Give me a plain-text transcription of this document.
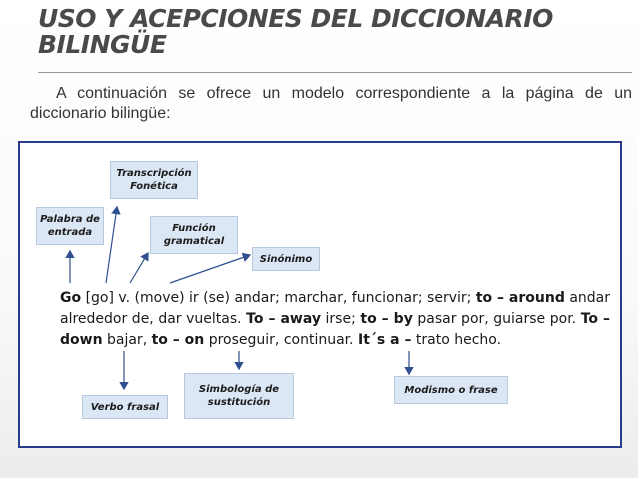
USO Y ACEPCIONES DEL DICCIONARIO
BILINGÜE

A continuación se ofrece un modelo correspondiente a la página de un diccionario bilingüe:

Transcripción
Fonética
Palabra de
entrada	Función
gramatical
Sinónimo

Go [go] v. (move) ir (se) andar; marchar, funcionar; servir; to – around andar alrededor de, dar vueltas. To – away irse; to – by pasar por, guiarse por. To – down bajar, to – on proseguir, continuar. It´s a – trato hecho.

Verbo frasal
Simbología de
sustitución
Modismo o frase
